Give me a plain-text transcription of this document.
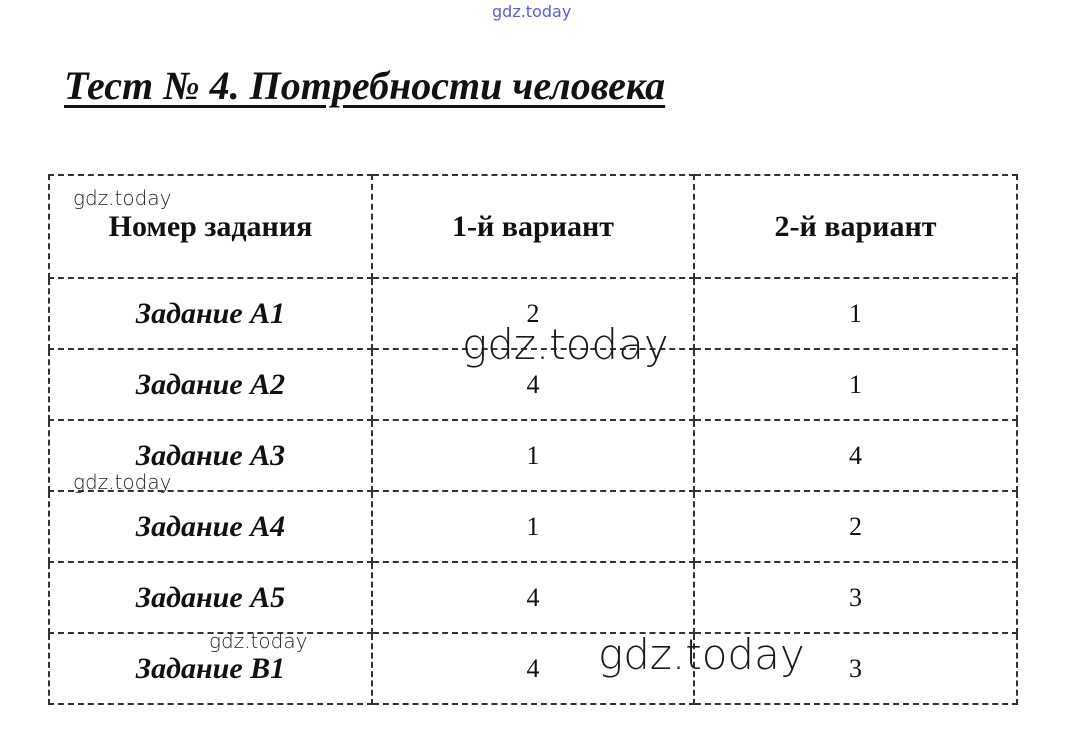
Тест № 4. Потребности человека
Номер задания	1-й вариант	2-й вариант
Задание А1	2	1
Задание А2	4	1
Задание А3	1	4
Задание А4	1	2
Задание А5	4	3
Задание В1	4	3
gdz.today
gdz.today
gdz.today
gdz.today
gdz.today	gdz.today
